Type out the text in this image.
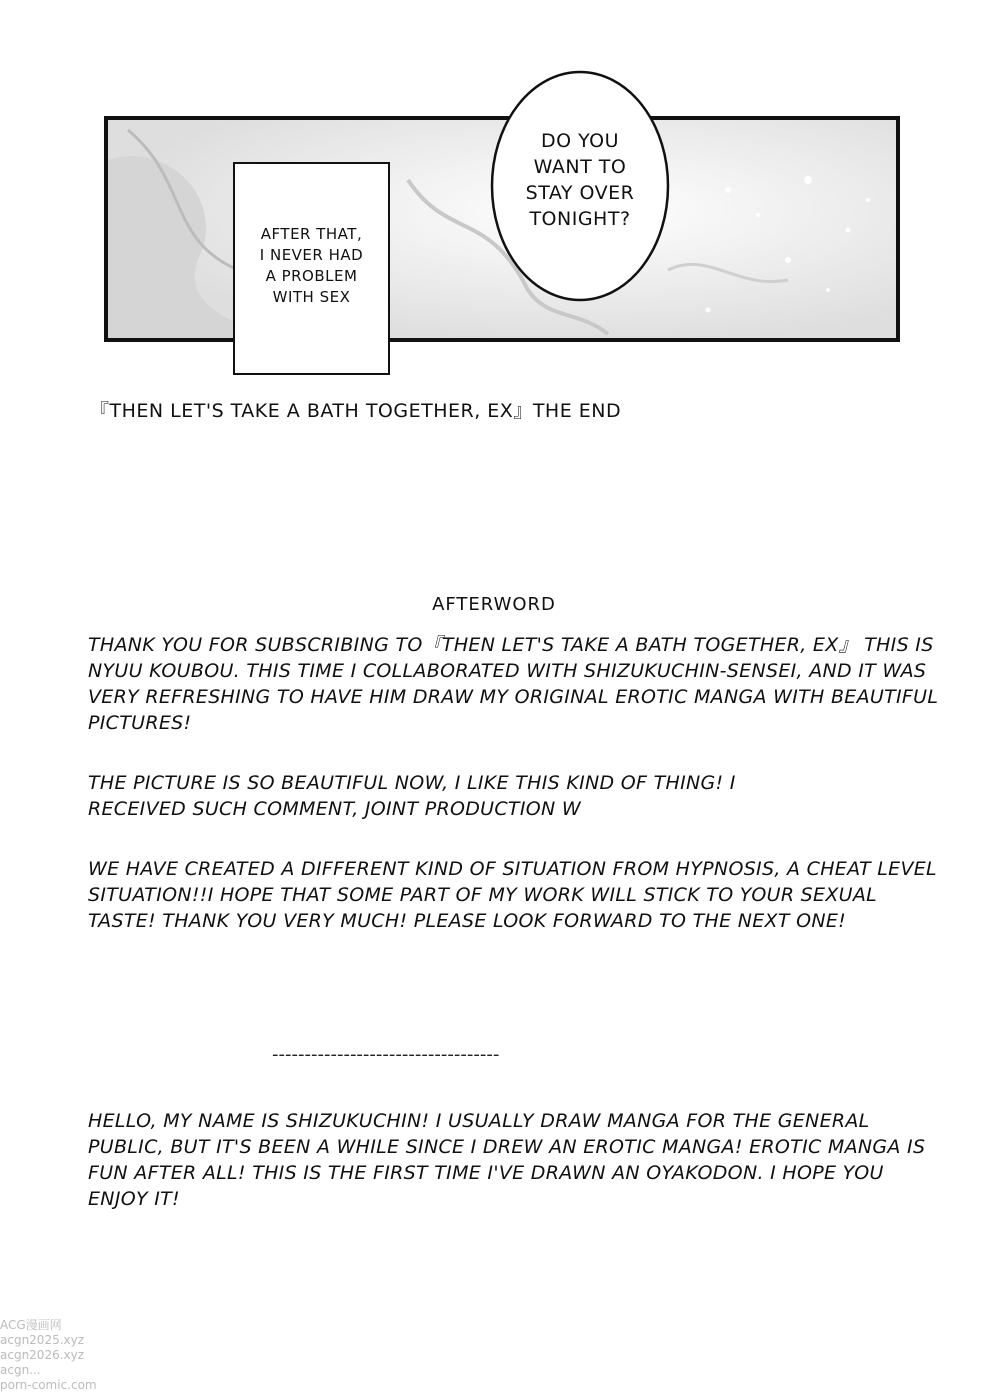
DO YOU
WANT TO
STAY OVER
TONIGHT?
AFTER THAT,
I NEVER HAD
A PROBLEM
WITH SEX
『THEN LET'S TAKE A BATH TOGETHER, EX』THE END
AFTERWORD
THANK YOU FOR SUBSCRIBING TO『THEN LET'S TAKE A BATH TOGETHER, EX』 THIS IS NYUU KOUBOU. THIS TIME I COLLABORATED WITH SHIZUKUCHIN-SENSEI, AND IT WAS VERY REFRESHING TO HAVE HIM DRAW MY ORIGINAL EROTIC MANGA WITH BEAUTIFUL PICTURES!
THE PICTURE IS SO BEAUTIFUL NOW, I LIKE THIS KIND OF THING! I RECEIVED SUCH COMMENT, JOINT PRODUCTION W
WE HAVE CREATED A DIFFERENT KIND OF SITUATION FROM HYPNOSIS, A CHEAT LEVEL SITUATION!!I HOPE THAT SOME PART OF MY WORK WILL STICK TO YOUR SEXUAL TASTE! THANK YOU VERY MUCH! PLEASE LOOK FORWARD TO THE NEXT ONE!
-----------------------------------
HELLO, MY NAME IS SHIZUKUCHIN! I USUALLY DRAW MANGA FOR THE GENERAL PUBLIC, BUT IT'S BEEN A WHILE SINCE I DREW AN EROTIC MANGA! EROTIC MANGA IS FUN AFTER ALL! THIS IS THE FIRST TIME I'VE DRAWN AN OYAKODON. I HOPE YOU ENJOY IT!
ACG漫画网
acgn2025.xyz
acgn2026.xyz
acgn...
porn-comic.com
